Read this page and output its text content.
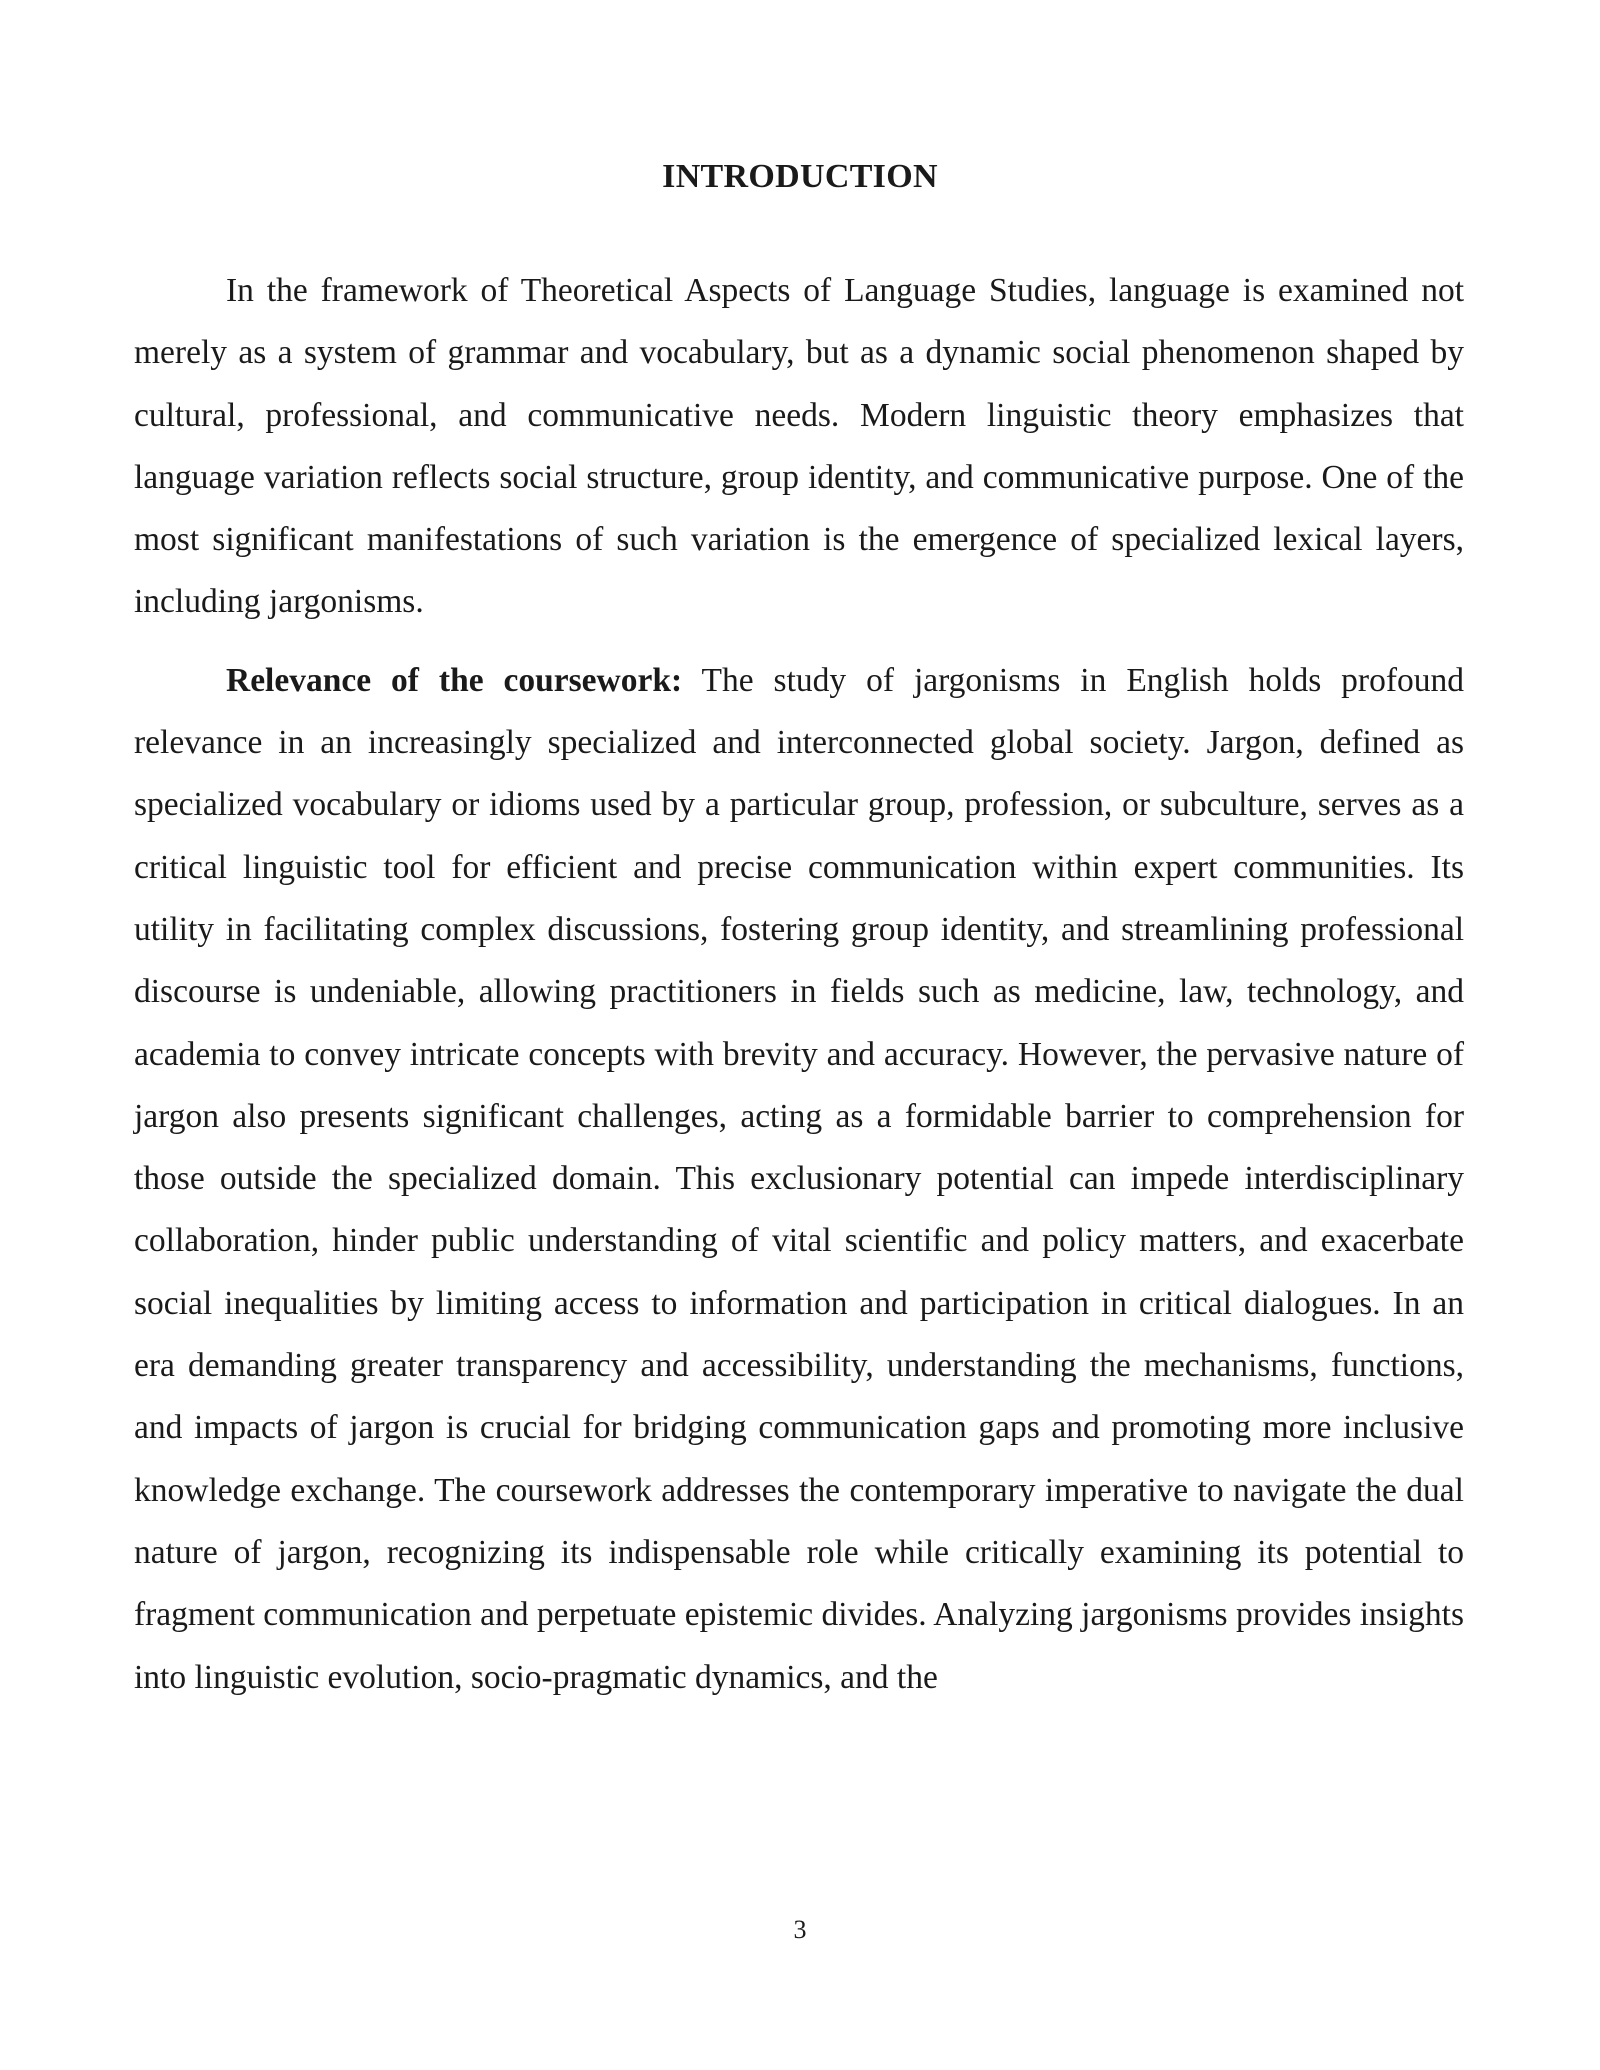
INTRODUCTION

In the framework of Theoretical Aspects of Language Studies, language is examined not merely as a system of grammar and vocabulary, but as a dynamic social phenomenon shaped by cultural, professional, and communicative needs. Modern linguistic theory emphasizes that language variation reflects social structure, group identity, and communicative purpose. One of the most significant manifestations of such variation is the emergence of specialized lexical layers, including jargonisms.

Relevance of the coursework: The study of jargonisms in English holds profound relevance in an increasingly specialized and interconnected global society. Jargon, defined as specialized vocabulary or idioms used by a particular group, profession, or subculture, serves as a critical linguistic tool for efficient and precise communication within expert communities. Its utility in facilitating complex discussions, fostering group identity, and streamlining professional discourse is undeniable, allowing practitioners in fields such as medicine, law, technology, and academia to convey intricate concepts with brevity and accuracy. However, the pervasive nature of jargon also presents significant challenges, acting as a formidable barrier to comprehension for those outside the specialized domain. This exclusionary potential can impede interdisciplinary collaboration, hinder public understanding of vital scientific and policy matters, and exacerbate social inequalities by limiting access to information and participation in critical dialogues. In an era demanding greater transparency and accessibility, understanding the mechanisms, functions, and impacts of jargon is crucial for bridging communication gaps and promoting more inclusive knowledge exchange. The coursework addresses the contemporary imperative to navigate the dual nature of jargon, recognizing its indispensable role while critically examining its potential to fragment communication and perpetuate epistemic divides. Analyzing jargonisms provides insights into linguistic evolution, socio-pragmatic dynamics, and the

3
